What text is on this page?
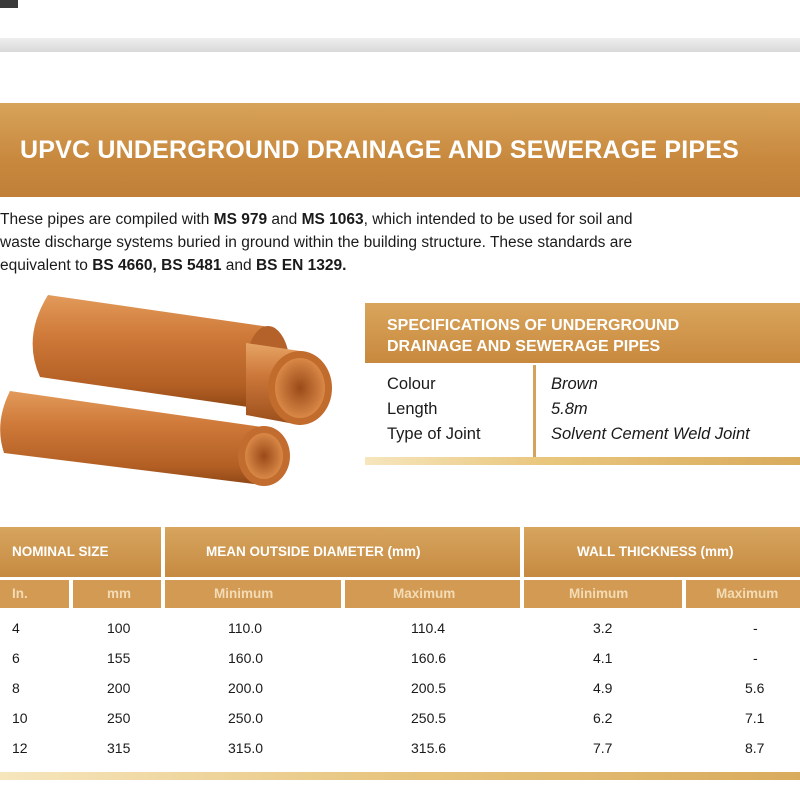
UPVC UNDERGROUND DRAINAGE AND SEWERAGE PIPES
These pipes are compiled with MS 979 and MS 1063, which intended to be used for soil and
waste discharge systems buried in ground within the building structure. These standards are
equivalent to BS 4660, BS 5481 and BS EN 1329.
SPECIFICATIONS OF UNDERGROUND
DRAINAGE AND SEWERAGE PIPES
Colour	Brown
Length	5.8m
Type of Joint	Solvent Cement Weld Joint
NOMINAL SIZE	MEAN OUTSIDE DIAMETER (mm)	WALL THICKNESS (mm)
In.	mm	Minimum	Maximum	Minimum	Maximum
4	100	110.0	110.4	3.2	-
6	155	160.0	160.6	4.1	-
8	200	200.0	200.5	4.9	5.6
10	250	250.0	250.5	6.2	7.1
12	315	315.0	315.6	7.7	8.7
